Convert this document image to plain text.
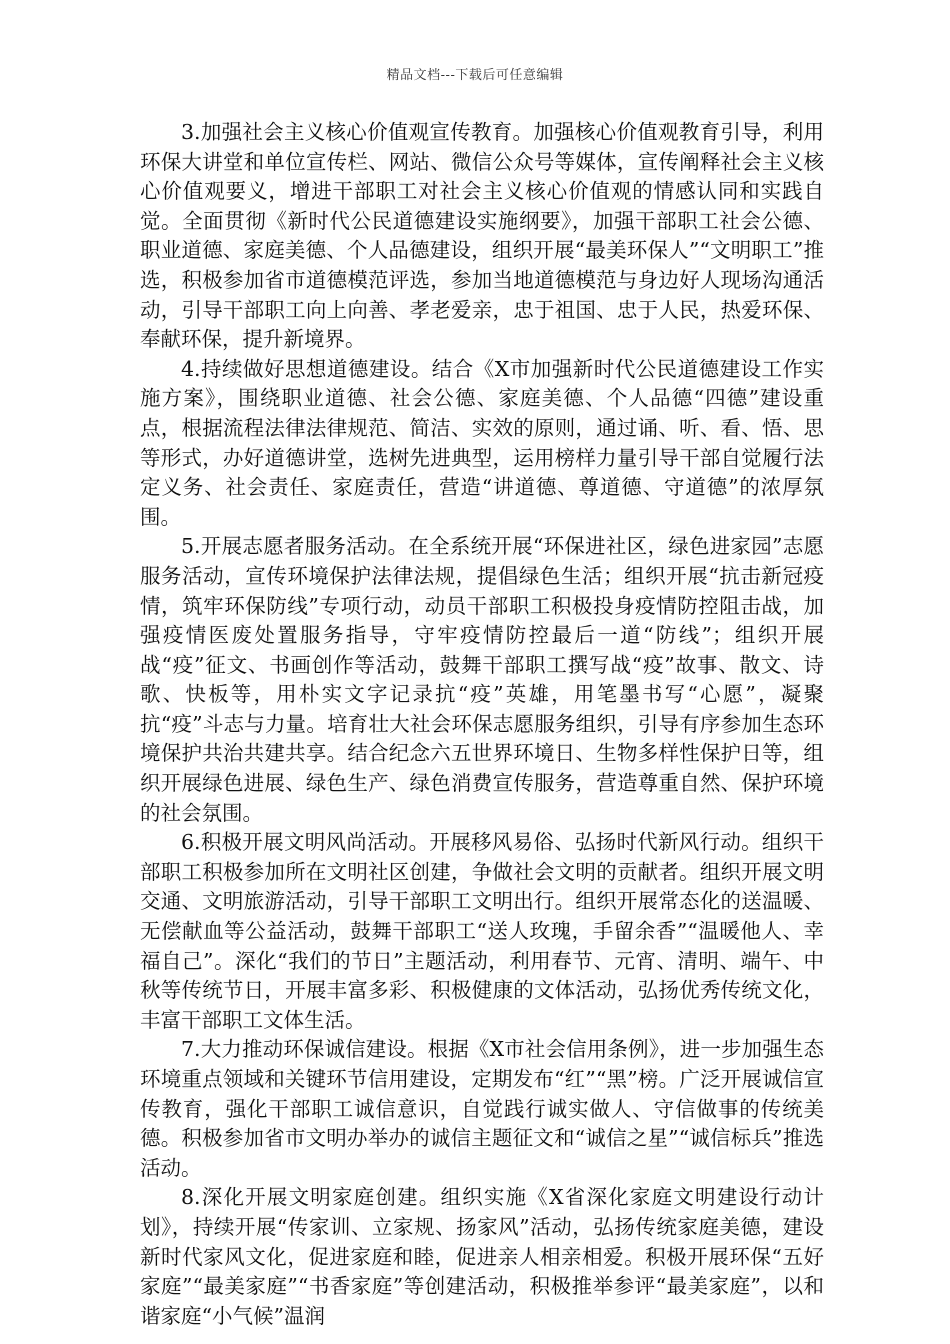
精品文档---下载后可任意编辑

3.加强社会主义核心价值观宣传教育。加强核心价值观教育引导，利用环保大讲堂和单位宣传栏、网站、微信公众号等媒体，宣传阐释社会主义核心价值观要义，增进干部职工对社会主义核心价值观的情感认同和实践自觉。全面贯彻《新时代公民道德建设实施纲要》，加强干部职工社会公德、职业道德、家庭美德、个人品德建设，组织开展“最美环保人”“文明职工”推选，积极参加省市道德模范评选，参加当地道德模范与身边好人现场沟通活动，引导干部职工向上向善、孝老爱亲，忠于祖国、忠于人民，热爱环保、奉献环保，提升新境界。

4.持续做好思想道德建设。结合《X市加强新时代公民道德建设工作实施方案》，围绕职业道德、社会公德、家庭美德、个人品德“四德”建设重点，根据流程法律法律规范、简洁、实效的原则，通过诵、听、看、悟、思等形式，办好道德讲堂，选树先进典型，运用榜样力量引导干部自觉履行法定义务、社会责任、家庭责任，营造“讲道德、尊道德、守道德”的浓厚氛围。

5.开展志愿者服务活动。在全系统开展“环保进社区，绿色进家园”志愿服务活动，宣传环境保护法律法规，提倡绿色生活；组织开展“抗击新冠疫情，筑牢环保防线”专项行动，动员干部职工积极投身疫情防控阻击战，加强疫情医废处置服务指导，守牢疫情防控最后一道“防线”；组织开展战“疫”征文、书画创作等活动，鼓舞干部职工撰写战“疫”故事、散文、诗歌、快板等，用朴实文字记录抗“疫”英雄，用笔墨书写“心愿”，凝聚抗“疫”斗志与力量。培育壮大社会环保志愿服务组织，引导有序参加生态环境保护共治共建共享。结合纪念六五世界环境日、生物多样性保护日等，组织开展绿色进展、绿色生产、绿色消费宣传服务，营造尊重自然、保护环境的社会氛围。

6.积极开展文明风尚活动。开展移风易俗、弘扬时代新风行动。组织干部职工积极参加所在文明社区创建，争做社会文明的贡献者。组织开展文明交通、文明旅游活动，引导干部职工文明出行。组织开展常态化的送温暖、无偿献血等公益活动，鼓舞干部职工“送人玫瑰，手留余香”“温暖他人、幸福自己”。深化“我们的节日”主题活动，利用春节、元宵、清明、端午、中秋等传统节日，开展丰富多彩、积极健康的文体活动，弘扬优秀传统文化，丰富干部职工文体生活。

7.大力推动环保诚信建设。根据《X市社会信用条例》，进一步加强生态环境重点领域和关键环节信用建设，定期发布“红”“黑”榜。广泛开展诚信宣传教育，强化干部职工诚信意识，自觉践行诚实做人、守信做事的传统美德。积极参加省市文明办举办的诚信主题征文和“诚信之星”“诚信标兵”推选活动。

8.深化开展文明家庭创建。组织实施《X省深化家庭文明建设行动计划》，持续开展“传家训、立家规、扬家风”活动，弘扬传统家庭美德，建设新时代家风文化，促进家庭和睦，促进亲人相亲相爱。积极开展环保“五好家庭”“最美家庭”“书香家庭”等创建活动，积极推举参评“最美家庭”，以和谐家庭“小气候”温润
